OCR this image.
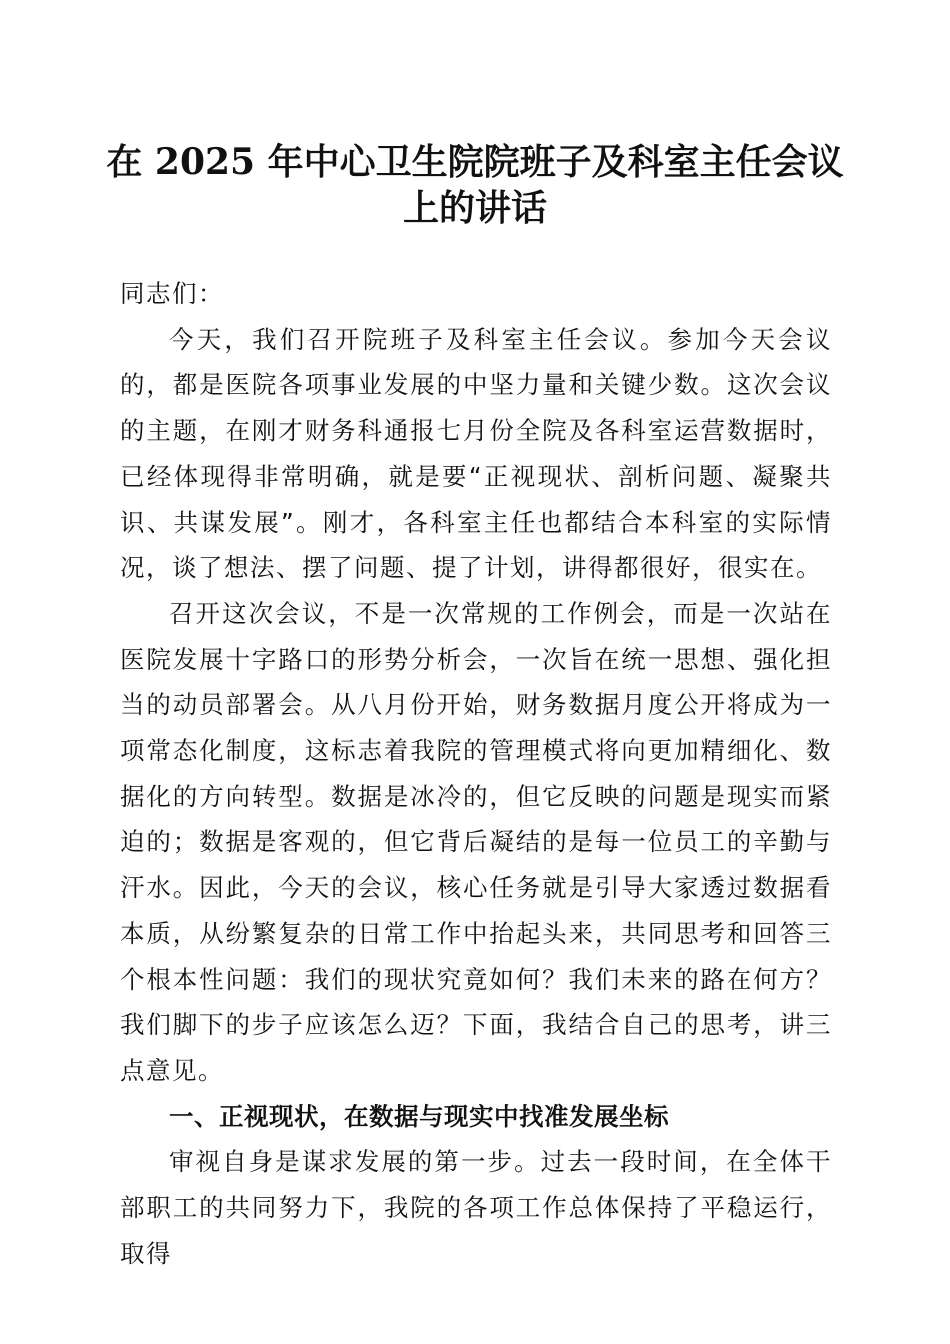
在 2025 年中心卫生院院班子及科室主任会议
上的讲话

同志们：

今天，我们召开院班子及科室主任会议。参加今天会议的，都是医院各项事业发展的中坚力量和关键少数。这次会议的主题，在刚才财务科通报七月份全院及各科室运营数据时，已经体现得非常明确，就是要“正视现状、剖析问题、凝聚共识、共谋发展”。刚才，各科室主任也都结合本科室的实际情况，谈了想法、摆了问题、提了计划，讲得都很好，很实在。

召开这次会议，不是一次常规的工作例会，而是一次站在医院发展十字路口的形势分析会，一次旨在统一思想、强化担当的动员部署会。从八月份开始，财务数据月度公开将成为一项常态化制度，这标志着我院的管理模式将向更加精细化、数据化的方向转型。数据是冰冷的，但它反映的问题是现实而紧迫的；数据是客观的，但它背后凝结的是每一位员工的辛勤与汗水。因此，今天的会议，核心任务就是引导大家透过数据看本质，从纷繁复杂的日常工作中抬起头来，共同思考和回答三个根本性问题：我们的现状究竟如何？我们未来的路在何方？我们脚下的步子应该怎么迈？下面，我结合自己的思考，讲三点意见。

一、正视现状，在数据与现实中找准发展坐标

审视自身是谋求发展的第一步。过去一段时间，在全体干部职工的共同努力下，我院的各项工作总体保持了平稳运行，取得
